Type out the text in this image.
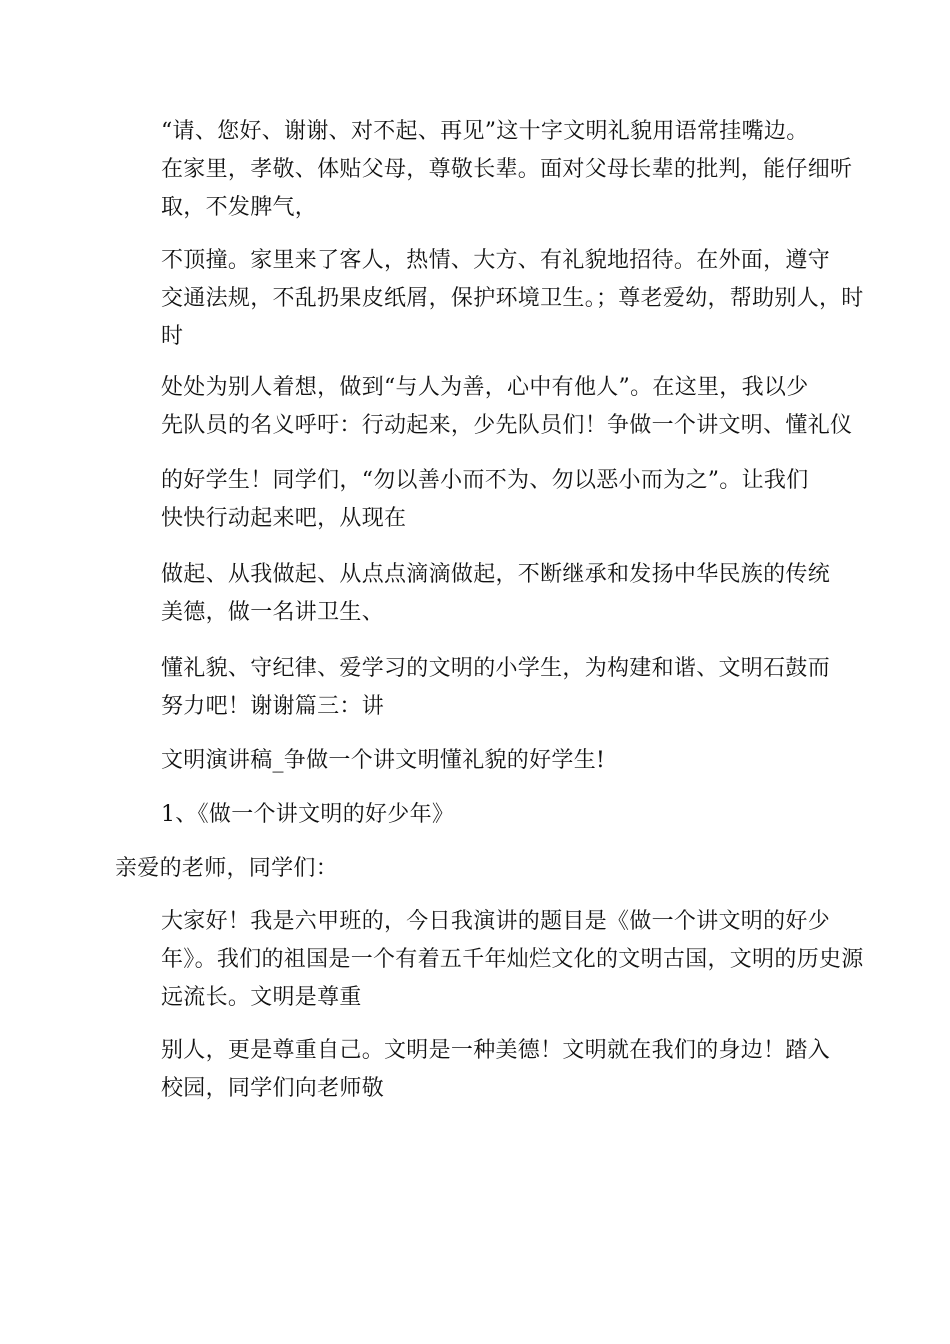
“请、您好、谢谢、对不起、再见”这十字文明礼貌用语常挂嘴边。
在家里，孝敬、体贴父母，尊敬长辈。面对父母长辈的批判，能仔细听
取，不发脾气，

不顶撞。家里来了客人，热情、大方、有礼貌地招待。在外面，遵守
交通法规，不乱扔果皮纸屑，保护环境卫生。；尊老爱幼，帮助别人，时
时

处处为别人着想，做到“与人为善，心中有他人”。在这里，我以少
先队员的名义呼吁：行动起来，少先队员们！争做一个讲文明、懂礼仪

的好学生！同学们，“勿以善小而不为、勿以恶小而为之”。让我们
快快行动起来吧，从现在

做起、从我做起、从点点滴滴做起，不断继承和发扬中华民族的传统
美德，做一名讲卫生、

懂礼貌、守纪律、爱学习的文明的小学生，为构建和谐、文明石鼓而
努力吧！谢谢篇三：讲

文明演讲稿_争做一个讲文明懂礼貌的好学生!

1、《做一个讲文明的好少年》

亲爱的老师，同学们：

大家好！我是六甲班的，今日我演讲的题目是《做一个讲文明的好少
年》。我们的祖国是一个有着五千年灿烂文化的文明古国，文明的历史源
远流长。文明是尊重

别人，更是尊重自己。文明是一种美德！文明就在我们的身边！踏入
校园，同学们向老师敬
